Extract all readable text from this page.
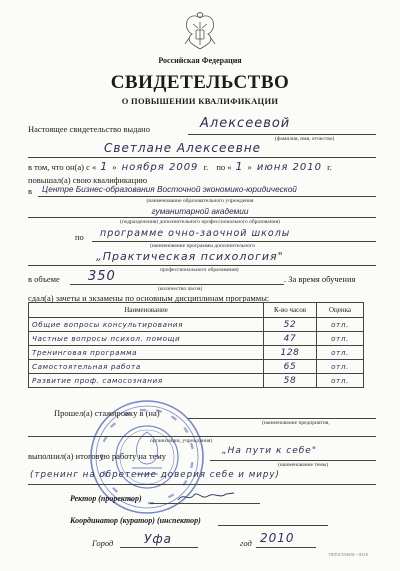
Российская Федерация
СВИДЕТЕЛЬСТВО
О ПОВЫШЕНИИ КВАЛИФИКАЦИИ
Настоящее свидетельство выдано	Алексеевой
(фамилия, имя, отчество)
Светлане Алексеевне
в том, что он(а) с « 1 » ноября 2009 г. по « 1 » июня 2010 г.
повышал(а) свою квалификацию
в Центре Бизнес-образования Восточной экономико-юридической
(наименование образовательного учреждения
гуманитарной академии
(подразделения) дополнительного профессионального образования)
по программе очно-заочной школы
(наименование программы дополнительного
„Практическая психология"
профессионального образования)
в объеме 350
(количество часов)
. За время обучения
сдал(а) зачеты и экзамены по основным дисциплинам программы:
Наименование	К-во часов	Оценка
Общие вопросы консультирования	52	отл.
Частные вопросы психол. помощи	47	отл.
Тренинговая программа	128	отл.
Самостоятельная работа	65	отл.
Развитие проф. самосознания	58	отл.
Прошел(а) стажировку в (на)
(наименование предприятия,
организации, учреждения)
выполнил(а) итоговую работу на тему	„На пути к себе"
(наименование темы)
(тренинг на обретение доверия себе и миру)
Ректор (проректор)
Координатор (куратор) (инспектор)
Город	Уфа	год 2010
ТИПОГРАФИЯ • ЗНАК
